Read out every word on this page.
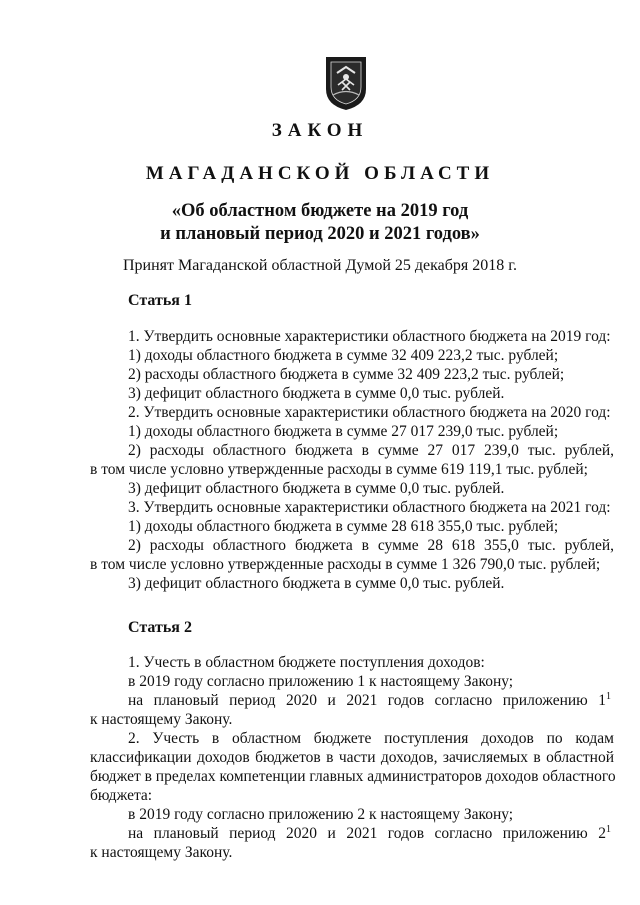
ЗАКОН
МАГАДАНСКОЙ ОБЛАСТИ
«Об областном бюджете на 2019 год
и плановый период 2020 и 2021 годов»
Принят Магаданской областной Думой 25 декабря 2018 г.
Статья 1
1. Утвердить основные характеристики областного бюджета на 2019 год:
1) доходы областного бюджета в сумме 32 409 223,2 тыс. рублей;
2) расходы областного бюджета в сумме 32 409 223,2 тыс. рублей;
3) дефицит областного бюджета в сумме 0,0 тыс. рублей.
2. Утвердить основные характеристики областного бюджета на 2020 год:
1) доходы областного бюджета в сумме 27 017 239,0 тыс. рублей;
2) расходы областного бюджета в сумме 27 017 239,0 тыс. рублей,
в том числе условно утвержденные расходы в сумме 619 119,1 тыс. рублей;
3) дефицит областного бюджета в сумме 0,0 тыс. рублей.
3. Утвердить основные характеристики областного бюджета на 2021 год:
1) доходы областного бюджета в сумме 28 618 355,0 тыс. рублей;
2) расходы областного бюджета в сумме 28 618 355,0 тыс. рублей,
в том числе условно утвержденные расходы в сумме 1 326 790,0 тыс. рублей;
3) дефицит областного бюджета в сумме 0,0 тыс. рублей.
Статья 2
1. Учесть в областном бюджете поступления доходов:
в 2019 году согласно приложению 1 к настоящему Закону;
на плановый период 2020 и 2021 годов согласно приложению $1^1$
к настоящему Закону.
2. Учесть в областном бюджете поступления доходов по кодам
классификации доходов бюджетов в части доходов, зачисляемых в областной
бюджет в пределах компетенции главных администраторов доходов областного
бюджета:
в 2019 году согласно приложению 2 к настоящему Закону;
на плановый период 2020 и 2021 годов согласно приложению $2^1$
к настоящему Закону.
